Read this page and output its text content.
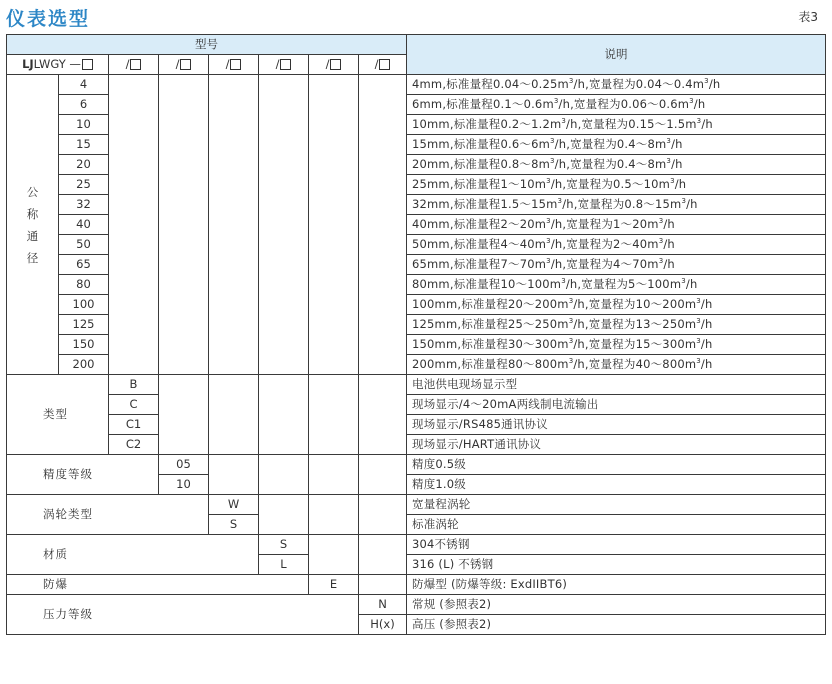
仪表选型	表3
型号								说明
LJLWGY —		/	/	/	/	/	/	

公
称
通
径	4							4mm,标准量程$0.04\sim 0.25m^3/h$,宽量程为$0.04\sim 0.4m^3/h$
	6							6mm,标准量程$0.1\sim 0.6m^3/h$,宽量程为$0.06\sim 0.6m^3/h$
	10							10mm,标准量程$0.2\sim 1.2m^3/h$,宽量程为$0.15\sim 1.5m^3/h$
	15							15mm,标准量程$0.6\sim 6m^3/h$,宽量程为$0.4\sim 8m^3/h$
	20							20mm,标准量程$0.8\sim 8m^3/h$,宽量程为$0.4\sim 8m^3/h$
	25							25mm,标准量程$1\sim 10m^3/h$,宽量程为$0.5\sim 10m^3/h$
	32							32mm,标准量程$1.5\sim 15m^3/h$,宽量程为$0.8\sim 15m^3/h$
	40							40mm,标准量程$2\sim 20m^3/h$,宽量程为$1\sim 20m^3/h$
	50							50mm,标准量程$4\sim 40m^3/h$,宽量程为$2\sim 40m^3/h$
	65							65mm,标准量程$7\sim 70m^3/h$,宽量程为$4\sim 70m^3/h$
	80							80mm,标准量程$10\sim 100m^3/h$,宽量程为$5\sim 100m^3/h$
	100							100mm,标准量程$20\sim 200m^3/h$,宽量程为$10\sim 200m^3/h$
	125							125mm,标准量程$25\sim 250m^3/h$,宽量程为$13\sim 250m^3/h$
	150							150mm,标准量程$30\sim 300m^3/h$,宽量程为$15\sim 300m^3/h$
	200							200mm,标准量程$80\sim 800m^3/h$,宽量程为$40\sim 800m^3/h$
类型		B						电池供电现场显示型
		C						现场显示/4～20mA两线制电流输出
		C1						现场显示/RS485通讯协议
		C2						现场显示/HART通讯协议
精度等级			05					精度0.5级
			10					精度1.0级
涡轮类型				W				宽量程涡轮
				S				标准涡轮
材质					S			304不锈钢
					L			316 (L) 不锈钢
防爆						E		防爆型 (防爆等级: ExdIIBT6)
压力等级							N	常规 (参照表2)
							H(x)	高压 (参照表2)
